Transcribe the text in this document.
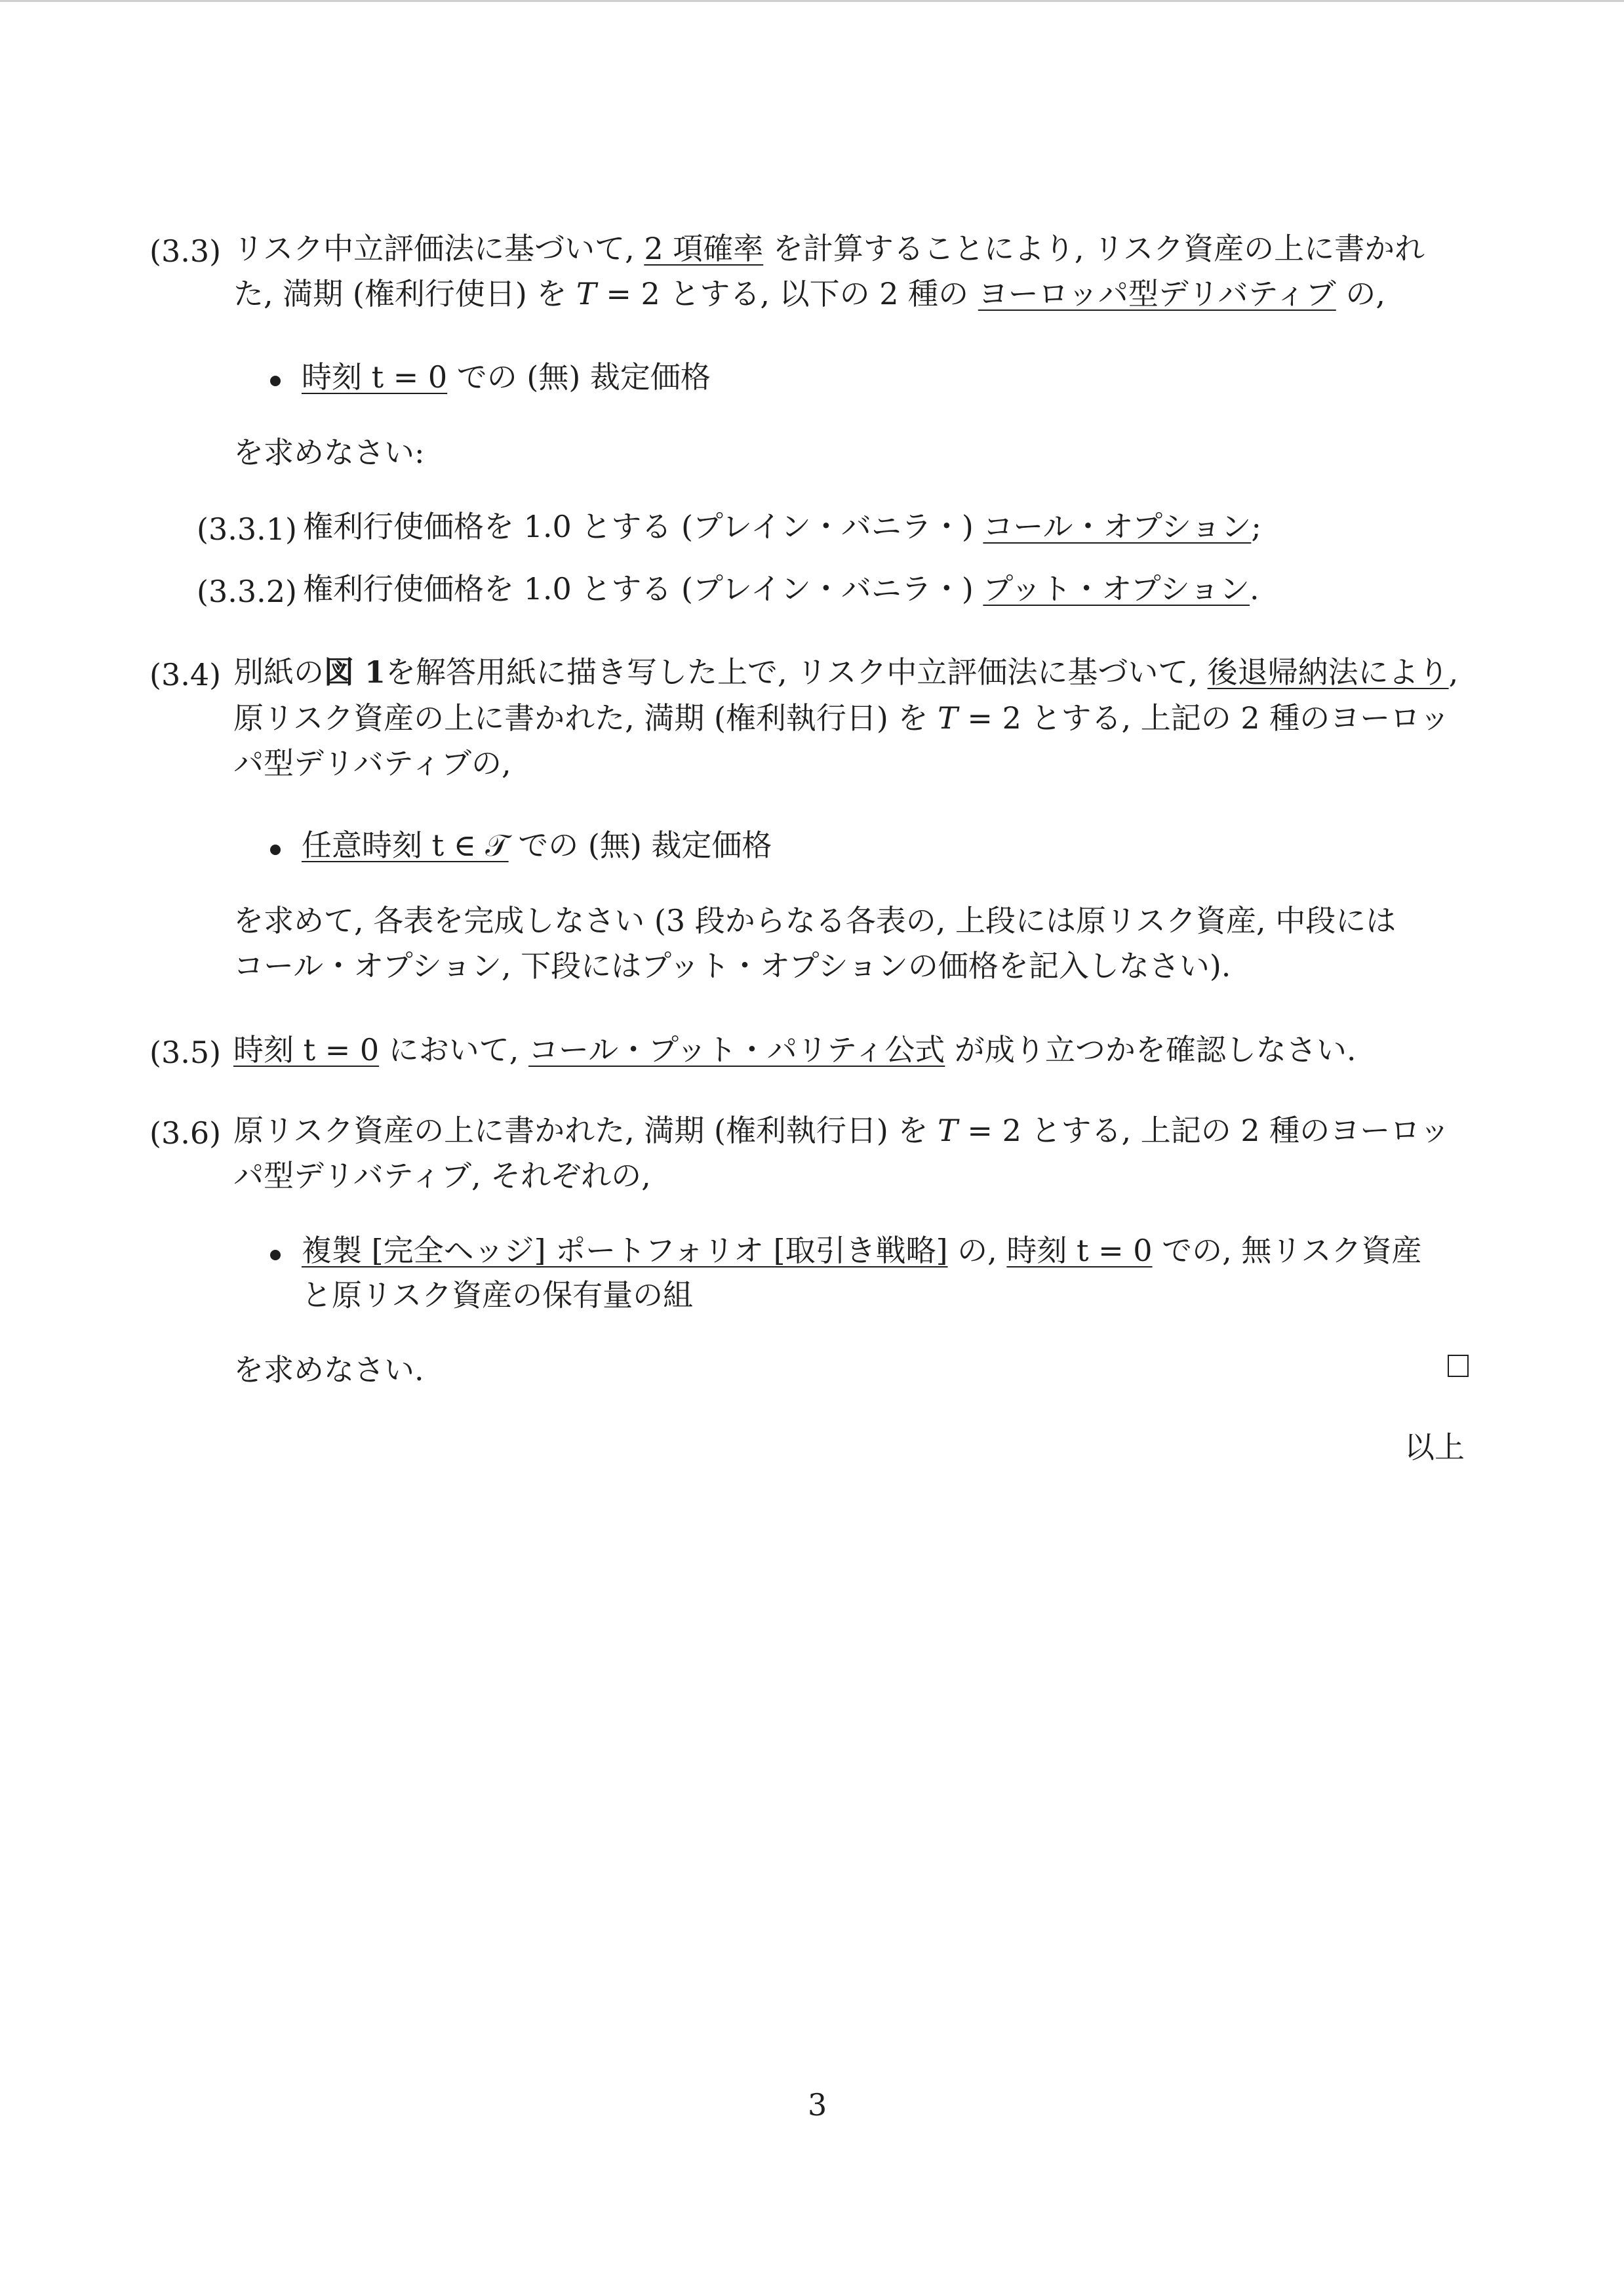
(3.3) リスク中立評価法に基づいて, 2 項確率 を計算することにより, リスク資産の上に書かれ
た, 満期 (権利行使日) を T = 2 とする, 以下の 2 種の ヨーロッパ型デリバティブ の,
時刻 t = 0 での (無) 裁定価格
を求めなさい:
(3.3.1) 権利行使価格を 1.0 とする (プレイン・バニラ・) コール・オプション;
(3.3.2) 権利行使価格を 1.0 とする (プレイン・バニラ・) プット・オプション.
(3.4) 別紙の図 1を解答用紙に描き写した上で, リスク中立評価法に基づいて, 後退帰納法により,
原リスク資産の上に書かれた, 満期 (権利執行日) を T = 2 とする, 上記の 2 種のヨーロッ
パ型デリバティブの,
任意時刻 t ∈ 𝒯 での (無) 裁定価格
を求めて, 各表を完成しなさい (3 段からなる各表の, 上段には原リスク資産, 中段には
コール・オプション, 下段にはプット・オプションの価格を記入しなさい).
(3.5) 時刻 t = 0 において, コール・プット・パリティ公式 が成り立つかを確認しなさい.
(3.6) 原リスク資産の上に書かれた, 満期 (権利執行日) を T = 2 とする, 上記の 2 種のヨーロッ
パ型デリバティブ, それぞれの,
複製 [完全ヘッジ] ポートフォリオ [取引き戦略] の, 時刻 t = 0 での, 無リスク資産
と原リスク資産の保有量の組
を求めなさい.
以上
3
